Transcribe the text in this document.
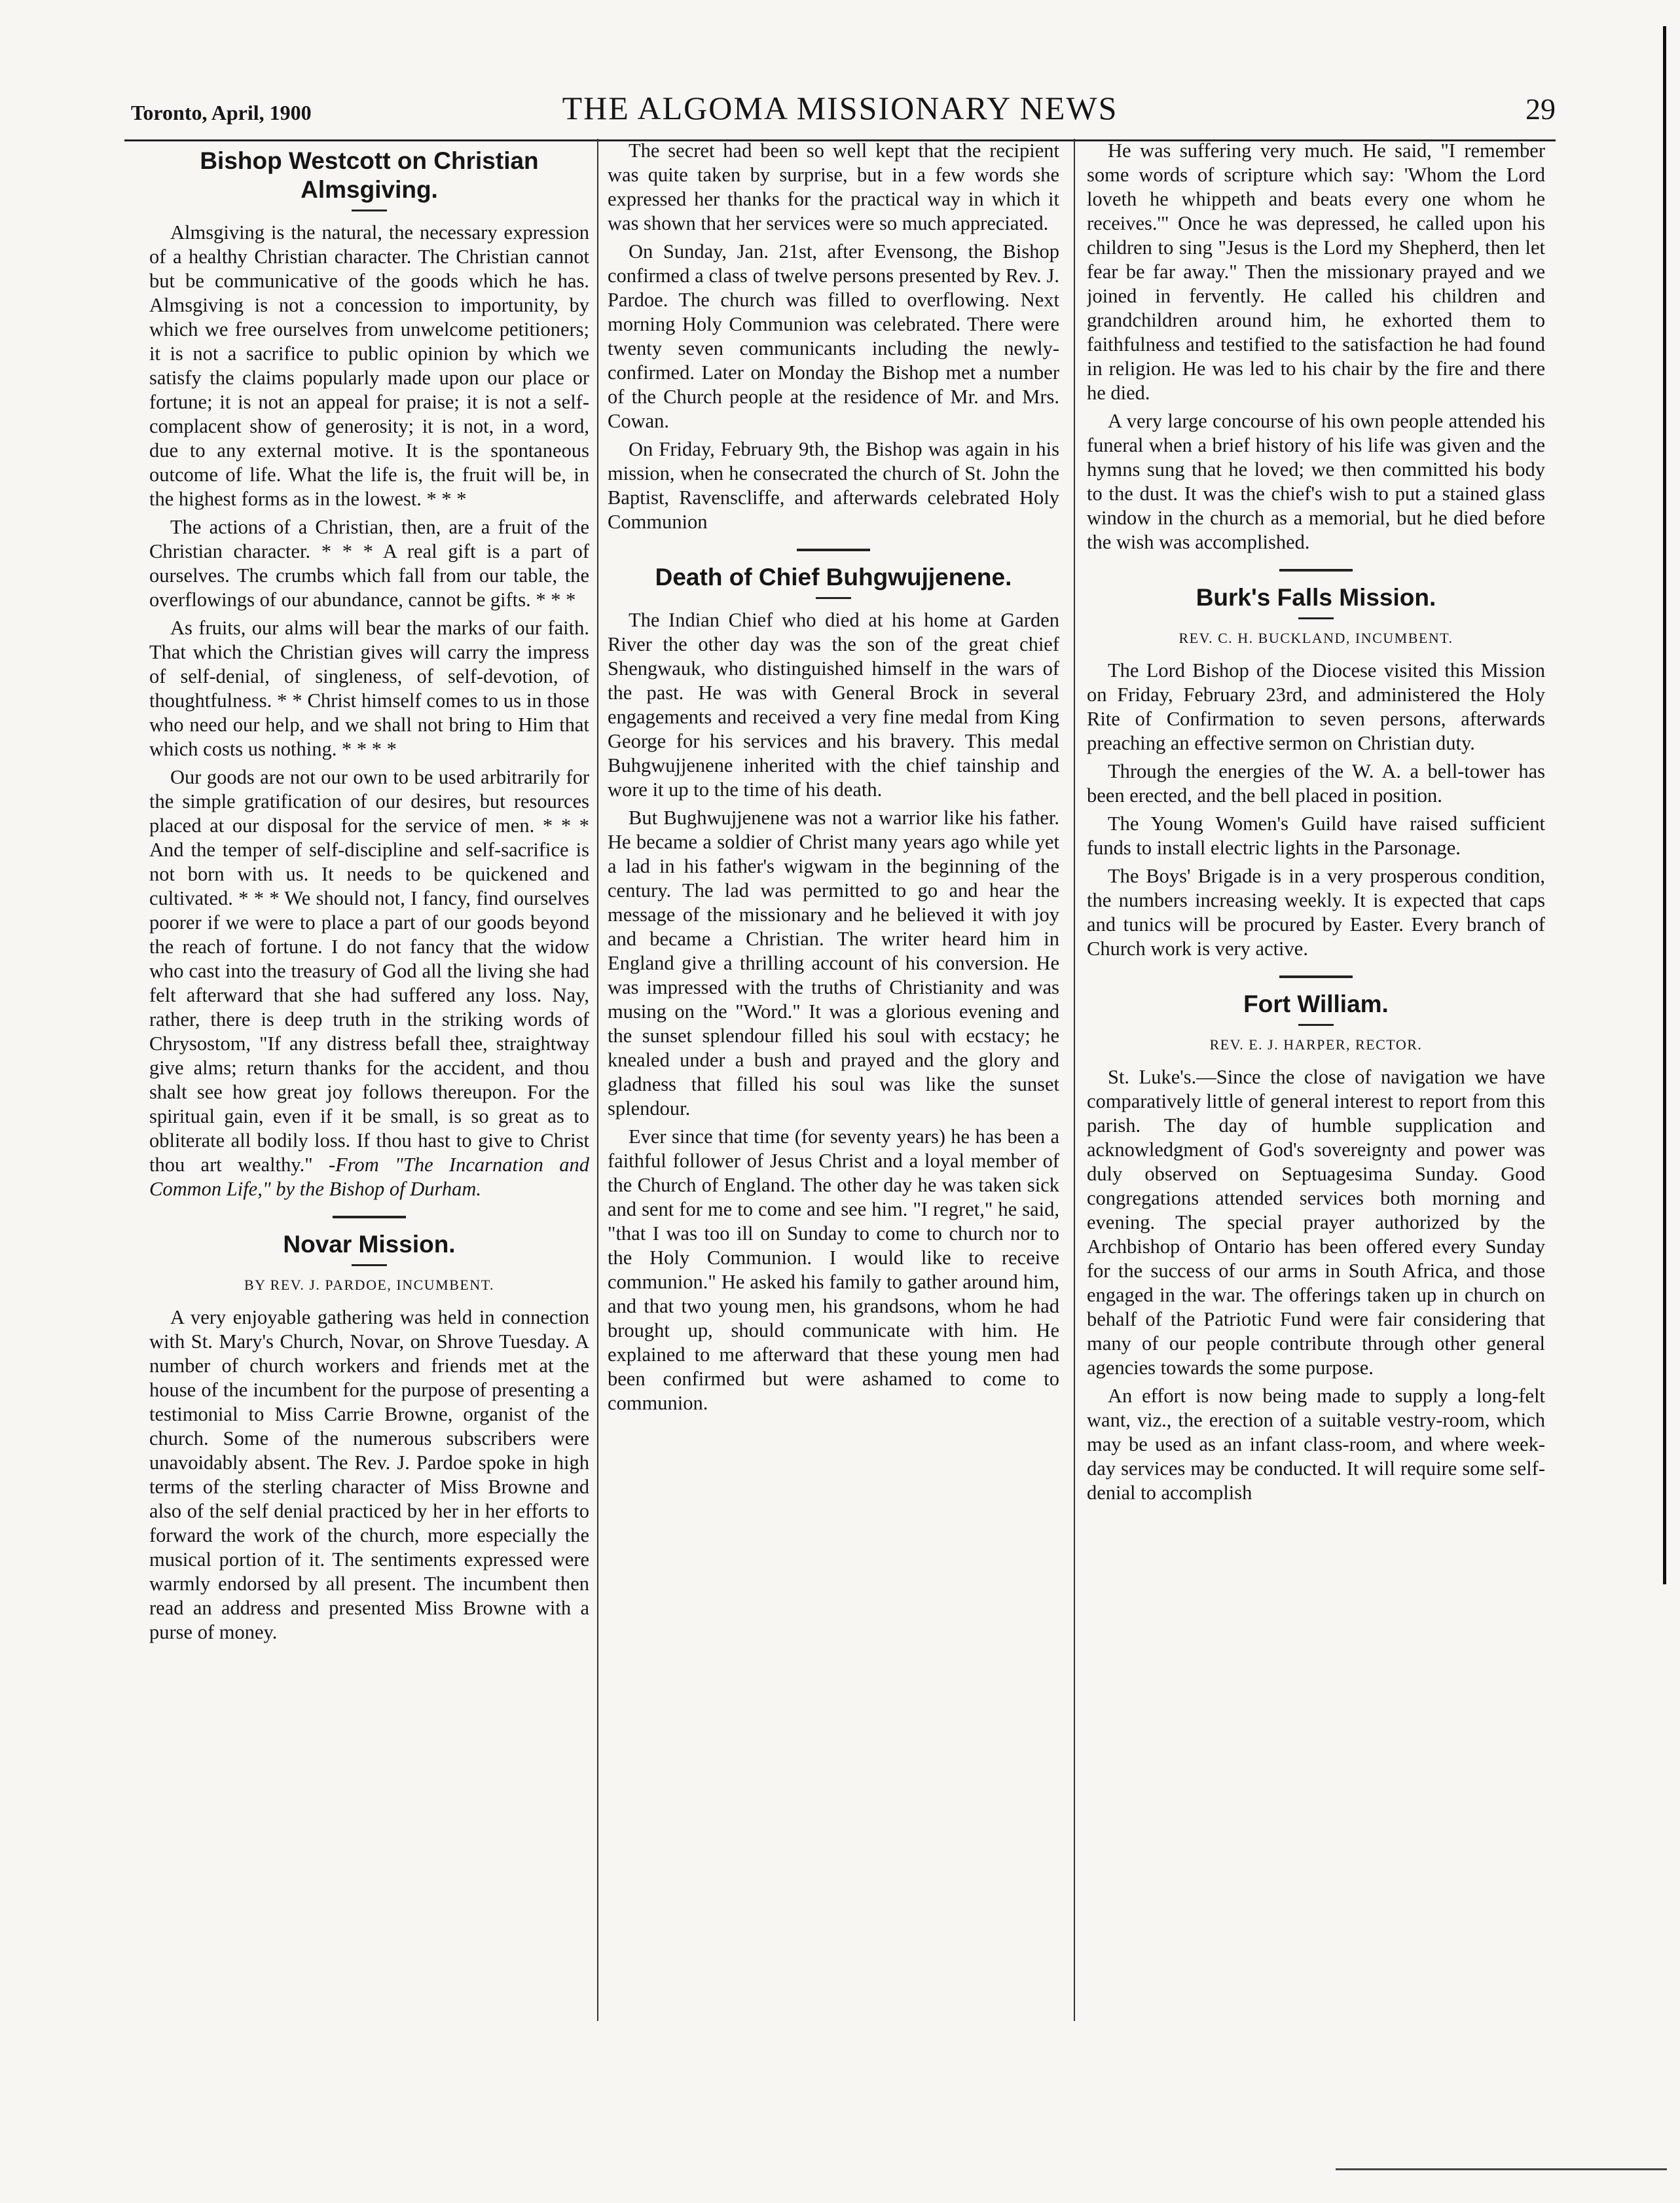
Toronto, April, 1900	THE ALGOMA MISSIONARY NEWS	29
Bishop Westcott on Christian Almsgiving.

Almsgiving is the natural, the necessary expression of a healthy Christian character. The Christian cannot but be communicative of the goods which he has. Almsgiving is not a concession to importunity, by which we free ourselves from unwelcome petitioners; it is not a sacrifice to public opinion by which we satisfy the claims popularly made upon our place or fortune; it is not an appeal for praise; it is not a self-complacent show of generosity; it is not, in a word, due to any external motive. It is the spontaneous outcome of life. What the life is, the fruit will be, in the highest forms as in the lowest. * * *

The actions of a Christian, then, are a fruit of the Christian character. * * * A real gift is a part of ourselves. The crumbs which fall from our table, the overflowings of our abundance, cannot be gifts. * * *

As fruits, our alms will bear the marks of our faith. That which the Christian gives will carry the impress of self-denial, of singleness, of self-devotion, of thoughtfulness. * * Christ himself comes to us in those who need our help, and we shall not bring to Him that which costs us nothing. * * * *

Our goods are not our own to be used arbitrarily for the simple gratification of our desires, but resources placed at our disposal for the service of men. * * * And the temper of self-discipline and self-sacrifice is not born with us. It needs to be quickened and cultivated. * * * We should not, I fancy, find ourselves poorer if we were to place a part of our goods beyond the reach of fortune. I do not fancy that the widow who cast into the treasury of God all the living she had felt afterward that she had suffered any loss. Nay, rather, there is deep truth in the striking words of Chrysostom, "If any distress befall thee, straightway give alms; return thanks for the accident, and thou shalt see how great joy follows thereupon. For the spiritual gain, even if it be small, is so great as to obliterate all bodily loss. If thou hast to give to Christ thou art wealthy." -From "The Incarnation and Common Life," by the Bishop of Durham.

Novar Mission.
BY REV. J. PARDOE, INCUMBENT.

A very enjoyable gathering was held in connection with St. Mary's Church, Novar, on Shrove Tuesday. A number of church workers and friends met at the house of the incumbent for the purpose of presenting a testimonial to Miss Carrie Browne, organist of the church. Some of the numerous subscribers were unavoidably absent. The Rev. J. Pardoe spoke in high terms of the sterling character of Miss Browne and also of the self denial practiced by her in her efforts to forward the work of the church, more especially the musical portion of it. The sentiments expressed were warmly endorsed by all present. The incumbent then read an address and presented Miss Browne with a purse of money.

The secret had been so well kept that the recipient was quite taken by surprise, but in a few words she expressed her thanks for the practical way in which it was shown that her services were so much appreciated.

On Sunday, Jan. 21st, after Evensong, the Bishop confirmed a class of twelve persons presented by Rev. J. Pardoe. The church was filled to overflowing. Next morning Holy Communion was celebrated. There were twenty seven communicants including the newly-confirmed. Later on Monday the Bishop met a number of the Church people at the residence of Mr. and Mrs. Cowan.

On Friday, February 9th, the Bishop was again in his mission, when he consecrated the church of St. John the Baptist, Ravenscliffe, and afterwards celebrated Holy Communion

Death of Chief Buhgwujjenene.

The Indian Chief who died at his home at Garden River the other day was the son of the great chief Shengwauk, who distinguished himself in the wars of the past. He was with General Brock in several engagements and received a very fine medal from King George for his services and his bravery. This medal Buhgwujjenene inherited with the chief tainship and wore it up to the time of his death.

But Bughwujjenene was not a warrior like his father. He became a soldier of Christ many years ago while yet a lad in his father's wigwam in the beginning of the century. The lad was permitted to go and hear the message of the missionary and he believed it with joy and became a Christian. The writer heard him in England give a thrilling account of his conversion. He was impressed with the truths of Christianity and was musing on the "Word." It was a glorious evening and the sunset splendour filled his soul with ecstacy; he knealed under a bush and prayed and the glory and gladness that filled his soul was like the sunset splendour.

Ever since that time (for seventy years) he has been a faithful follower of Jesus Christ and a loyal member of the Church of England. The other day he was taken sick and sent for me to come and see him. "I regret," he said, "that I was too ill on Sunday to come to church nor to the Holy Communion. I would like to receive communion." He asked his family to gather around him, and that two young men, his grandsons, whom he had brought up, should communicate with him. He explained to me afterward that these young men had been confirmed but were ashamed to come to communion.

He was suffering very much. He said, "I remember some words of scripture which say: 'Whom the Lord loveth he whippeth and beats every one whom he receives.'" Once he was depressed, he called upon his children to sing "Jesus is the Lord my Shepherd, then let fear be far away." Then the missionary prayed and we joined in fervently. He called his children and grandchildren around him, he exhorted them to faithfulness and testified to the satisfaction he had found in religion. He was led to his chair by the fire and there he died.

A very large concourse of his own people attended his funeral when a brief history of his life was given and the hymns sung that he loved; we then committed his body to the dust. It was the chief's wish to put a stained glass window in the church as a memorial, but he died before the wish was accomplished.

Burk's Falls Mission.
REV. C. H. BUCKLAND, INCUMBENT.

The Lord Bishop of the Diocese visited this Mission on Friday, February 23rd, and administered the Holy Rite of Confirmation to seven persons, afterwards preaching an effective sermon on Christian duty.

Through the energies of the W. A. a bell-tower has been erected, and the bell placed in position.

The Young Women's Guild have raised sufficient funds to install electric lights in the Parsonage.

The Boys' Brigade is in a very prosperous condition, the numbers increasing weekly. It is expected that caps and tunics will be procured by Easter. Every branch of Church work is very active.

Fort William.
REV. E. J. HARPER, RECTOR.

St. Luke's.—Since the close of navigation we have comparatively little of general interest to report from this parish. The day of humble supplication and acknowledgment of God's sovereignty and power was duly observed on Septuagesima Sunday. Good congregations attended services both morning and evening. The special prayer authorized by the Archbishop of Ontario has been offered every Sunday for the success of our arms in South Africa, and those engaged in the war. The offerings taken up in church on behalf of the Patriotic Fund were fair considering that many of our people contribute through other general agencies towards the some purpose.

An effort is now being made to supply a long-felt want, viz., the erection of a suitable vestry-room, which may be used as an infant class-room, and where week-day services may be conducted. It will require some self-denial to accomplish
